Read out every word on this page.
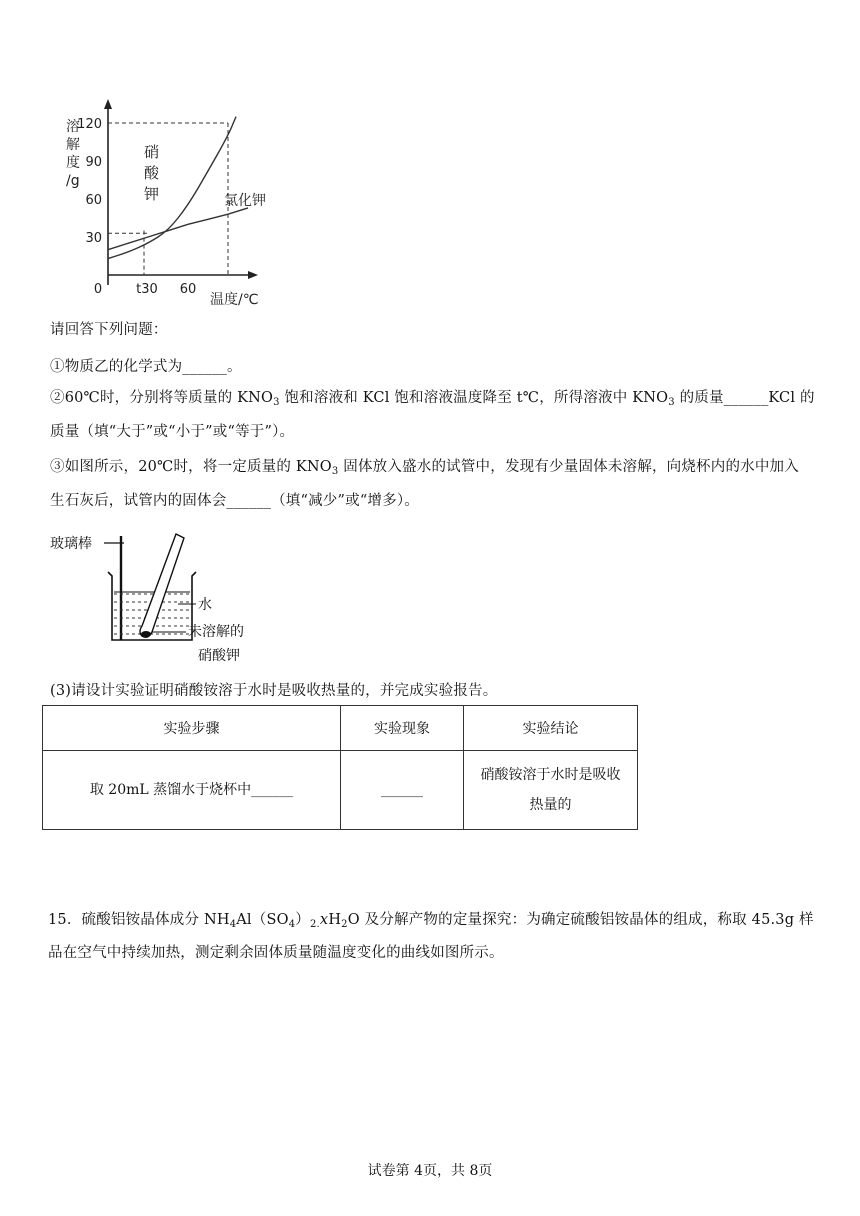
溶
解
度
/g
120
90
60
30
0	t30 60
硝
酸
钾	氯化钾
温度/℃
请回答下列问题：
①物质乙的化学式为______。
②60℃时，分别将等质量的 $KNO_3$ 饱和溶液和 KCl 饱和溶液温度降至 t℃，所得溶液中 $KNO_3$ 的质量______KCl 的
质量（填“大于”或“小于”或“等于”）。
③如图所示，20℃时，将一定质量的 $KNO_3$ 固体放入盛水的试管中，发现有少量固体未溶解，向烧杯内的水中加入
生石灰后，试管内的固体会______（填“减少”或“增多）。
玻璃棒
水
未溶解的
硝酸钾
(3)请设计实验证明硝酸铵溶于水时是吸收热量的，并完成实验报告。
实验步骤	实验现象	实验结论
取 20mL 蒸馏水于烧杯中______	______	硝酸铵溶于水时是吸收
热量的
15．硫酸铝铵晶体成分 $NH_4Al(SO_4)_{2.}xH_2O$ 及分解产物的定量探究：为确定硫酸铝铵晶体的组成，称取 45.3g 样
品在空气中持续加热，测定剩余固体质量随温度变化的曲线如图所示。
试卷第 4页，共 8页
